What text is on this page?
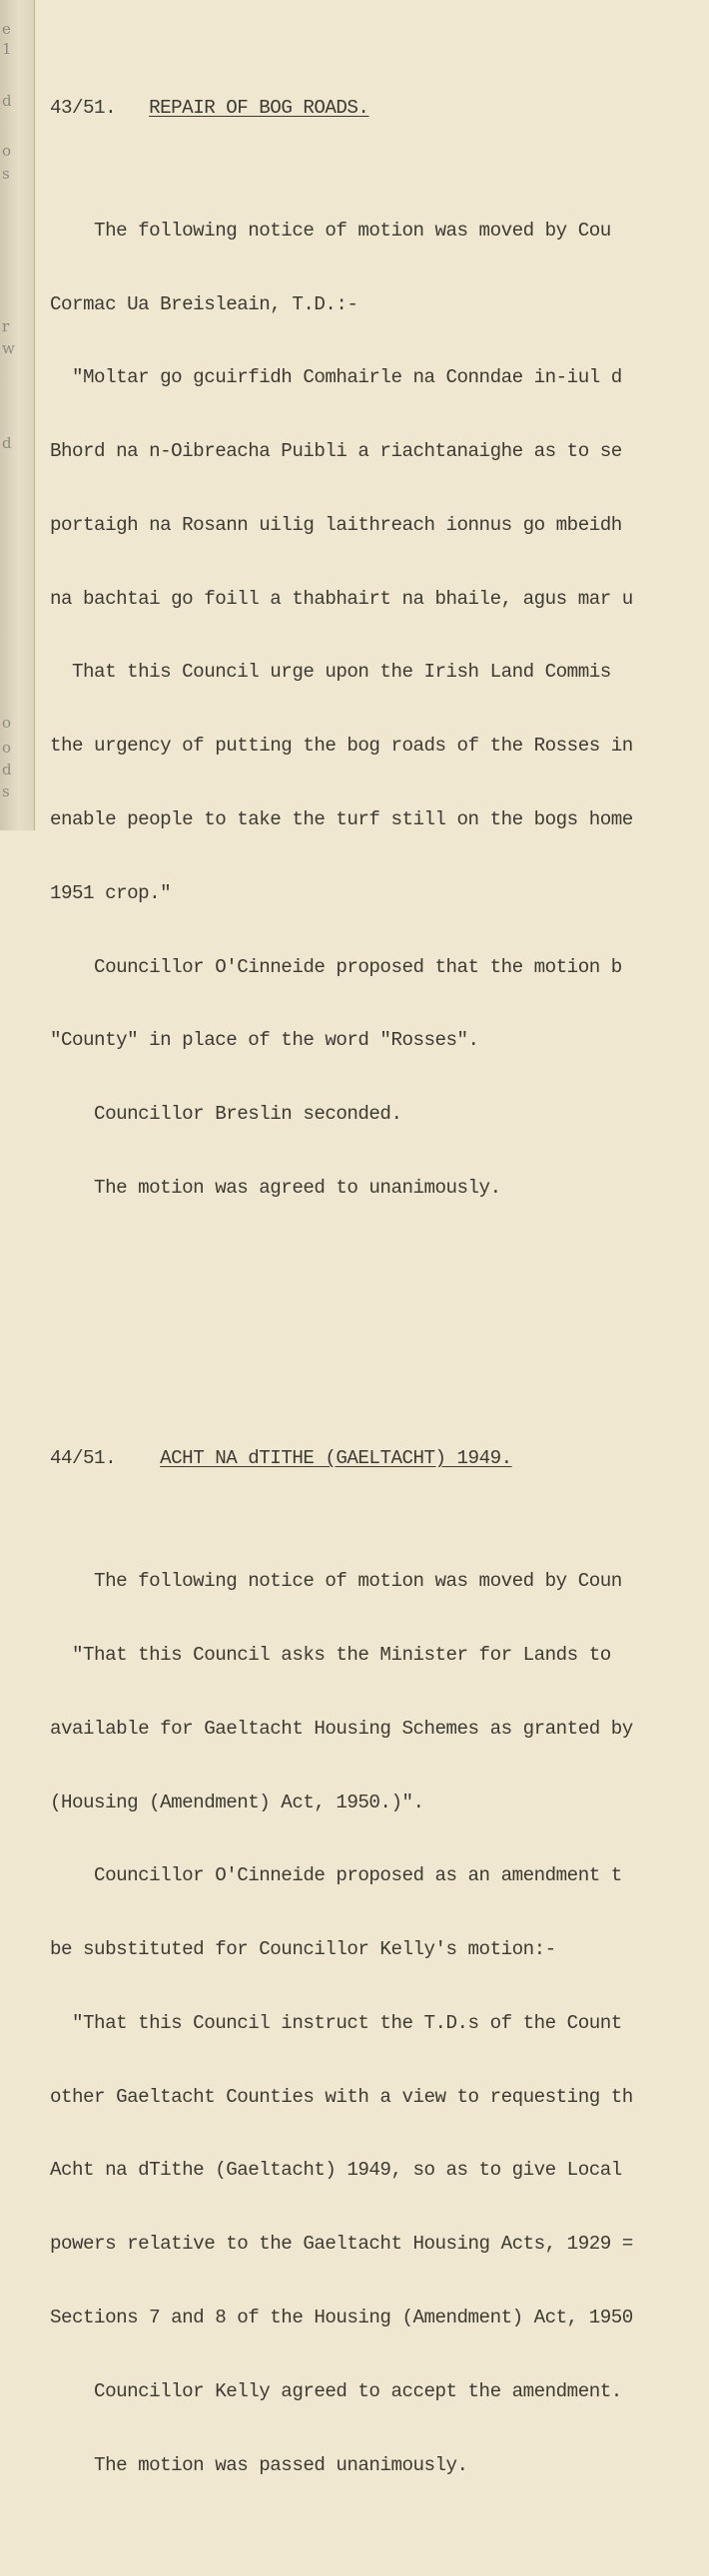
e
1
d
o
s
r
w
d
o
o
d
s

43/51. REPAIR OF BOG ROADS.

The following notice of motion was moved by Cou

Cormac Ua Breisleain, T.D.:-

"Moltar go gcuirfidh Comhairle na Conndae in-iul d

Bhord na n-Oibreacha Puibli a riachtanaighe as to se

portaigh na Rosann uilig laithreach ionnus go mbeidh

na bachtai go foill a thabhairt na bhaile, agus mar u

That this Council urge upon the Irish Land Commis

the urgency of putting the bog roads of the Rosses in

enable people to take the turf still on the bogs home

1951 crop."

Councillor O'Cinneide proposed that the motion b

"County" in place of the word "Rosses".

Councillor Breslin seconded.

The motion was agreed to unanimously.

44/51. ACHT NA dTITHE (GAELTACHT) 1949.

The following notice of motion was moved by Coun

"That this Council asks the Minister for Lands to

available for Gaeltacht Housing Schemes as granted by

(Housing (Amendment) Act, 1950.)".

Councillor O'Cinneide proposed as an amendment t

be substituted for Councillor Kelly's motion:-

"That this Council instruct the T.D.s of the Count

other Gaeltacht Counties with a view to requesting th

Acht na dTithe (Gaeltacht) 1949, so as to give Local

powers relative to the Gaeltacht Housing Acts, 1929 =

Sections 7 and 8 of the Housing (Amendment) Act, 1950

Councillor Kelly agreed to accept the amendment.

The motion was passed unanimously.
